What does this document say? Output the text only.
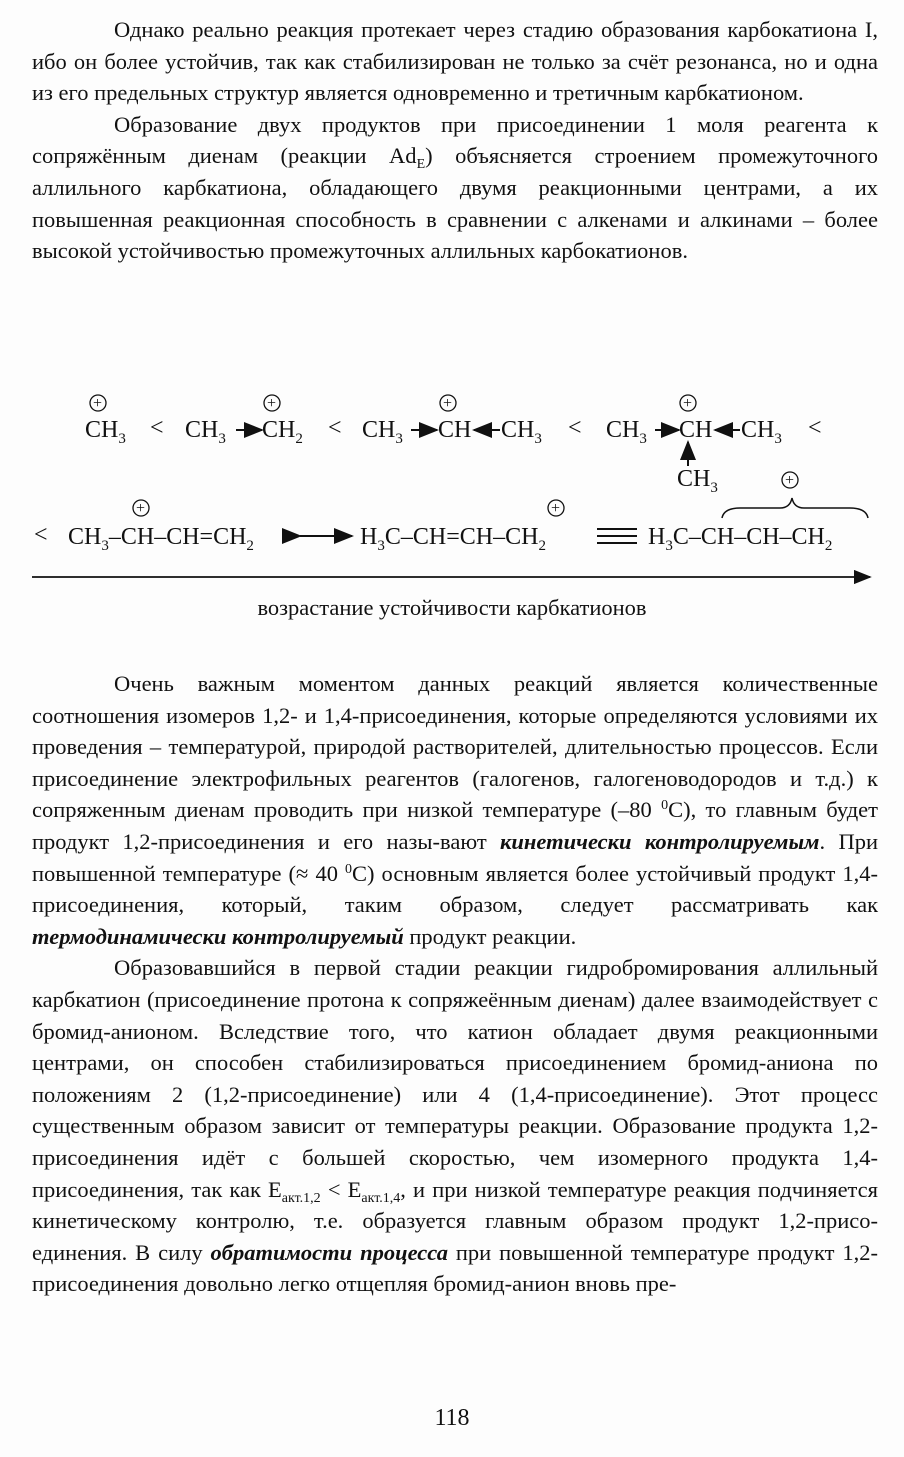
Однако реально реакция протекает через стадию образования карбокатиона I, ибо он более устойчив, так как стабилизирован не только за счёт резонанса, но и одна из его предельных структур является одновременно и третичным карбкатионом.

Образование двух продуктов при присоединении 1 моля реагента к сопряжённым диенам (реакции $Ad_E$) объясняется строением промежуточного аллильного карбкатиона, обладающего двумя реакционными центрами, а их повышенная реакционная способность в сравнении с алкенами и алкинами – более высокой устойчивостью промежуточных аллильных карбокатионов.

+	+	+	+
+
+	+
$CH_3 < CH_3$ $CH_2 < CH_3$ CH $CH_3 < CH_3$ CH $CH_3$ <
$CH_3$
< $CH_3-CH-CH=CH_2$	$H_3C-CH=CH-CH_2$	$H_3C-CH-CH-CH_2$
возрастание устойчивости карбкатионов

Очень важным моментом данных реакций является количественные соотношения изомеров 1,2- и 1,4-присоединения, которые определяются условиями их проведения – температурой, природой растворителей, длительностью процессов. Если присоединение электрофильных реагентов (галогенов, галогеноводородов и т.д.) к сопряженным диенам проводить при низкой температуре (–80 $^0$С), то главным будет продукт 1,2-присоединения и его назы-вают кинетически контролируемым. При повышенной температуре (≈ 40 $^0$С) основным является более устойчивый продукт 1,4-присоединения, который, таким образом, следует рассматривать как термодинамически контролируемый продукт реакции.

Образовавшийся в первой стадии реакции гидробромирования аллильный карбкатион (присоединение протона к сопряжеённым диенам) далее взаимодействует с бромид-анионом. Вследствие того, что катион обладает двумя реакционными центрами, он способен стабилизироваться присоединением бромид-аниона по положениям 2 (1,2-присоединение) или 4 (1,4-присоединение). Этот процесс существенным образом зависит от температуры реакции. Образование продукта 1,2-присоединения идёт с большей скоростью, чем изомерного продукта 1,4-присоединения, так как $E_{акт.1,2} < E_{акт.1,4}$, и при низкой температуре реакция подчиняется кинетическому контролю, т.е. образуется главным образом продукт 1,2-присо-единения. В силу обратимости процесса при повышенной температуре продукт 1,2-присоединения довольно легко отщепляя бромид-анион вновь пре-

118
